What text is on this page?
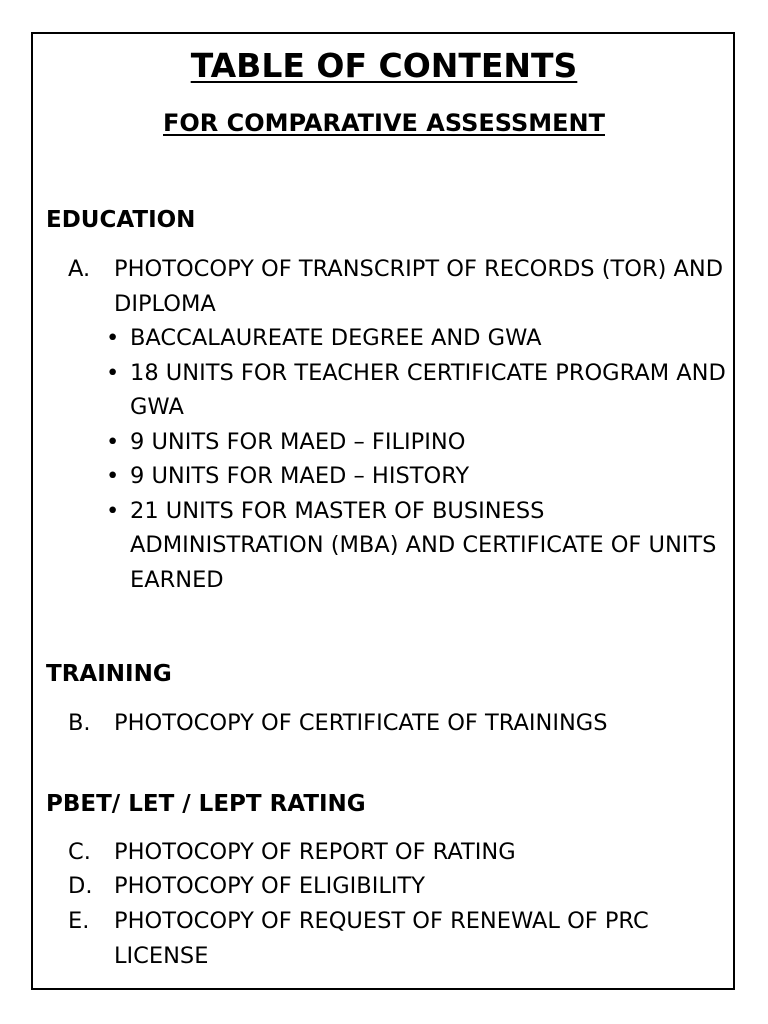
TABLE OF CONTENTS
FOR COMPARATIVE ASSESSMENT
EDUCATION
A. PHOTOCOPY OF TRANSCRIPT OF RECORDS (TOR) AND DIPLOMA
• BACCALAUREATE DEGREE AND GWA
• 18 UNITS FOR TEACHER CERTIFICATE PROGRAM AND GWA
• 9 UNITS FOR MAED – FILIPINO
• 9 UNITS FOR MAED – HISTORY
• 21 UNITS FOR MASTER OF BUSINESS ADMINISTRATION (MBA) AND CERTIFICATE OF UNITS EARNED
TRAINING
B. PHOTOCOPY OF CERTIFICATE OF TRAININGS
PBET/ LET / LEPT RATING
C. PHOTOCOPY OF REPORT OF RATING
D. PHOTOCOPY OF ELIGIBILITY
E. PHOTOCOPY OF REQUEST OF RENEWAL OF PRC LICENSE
